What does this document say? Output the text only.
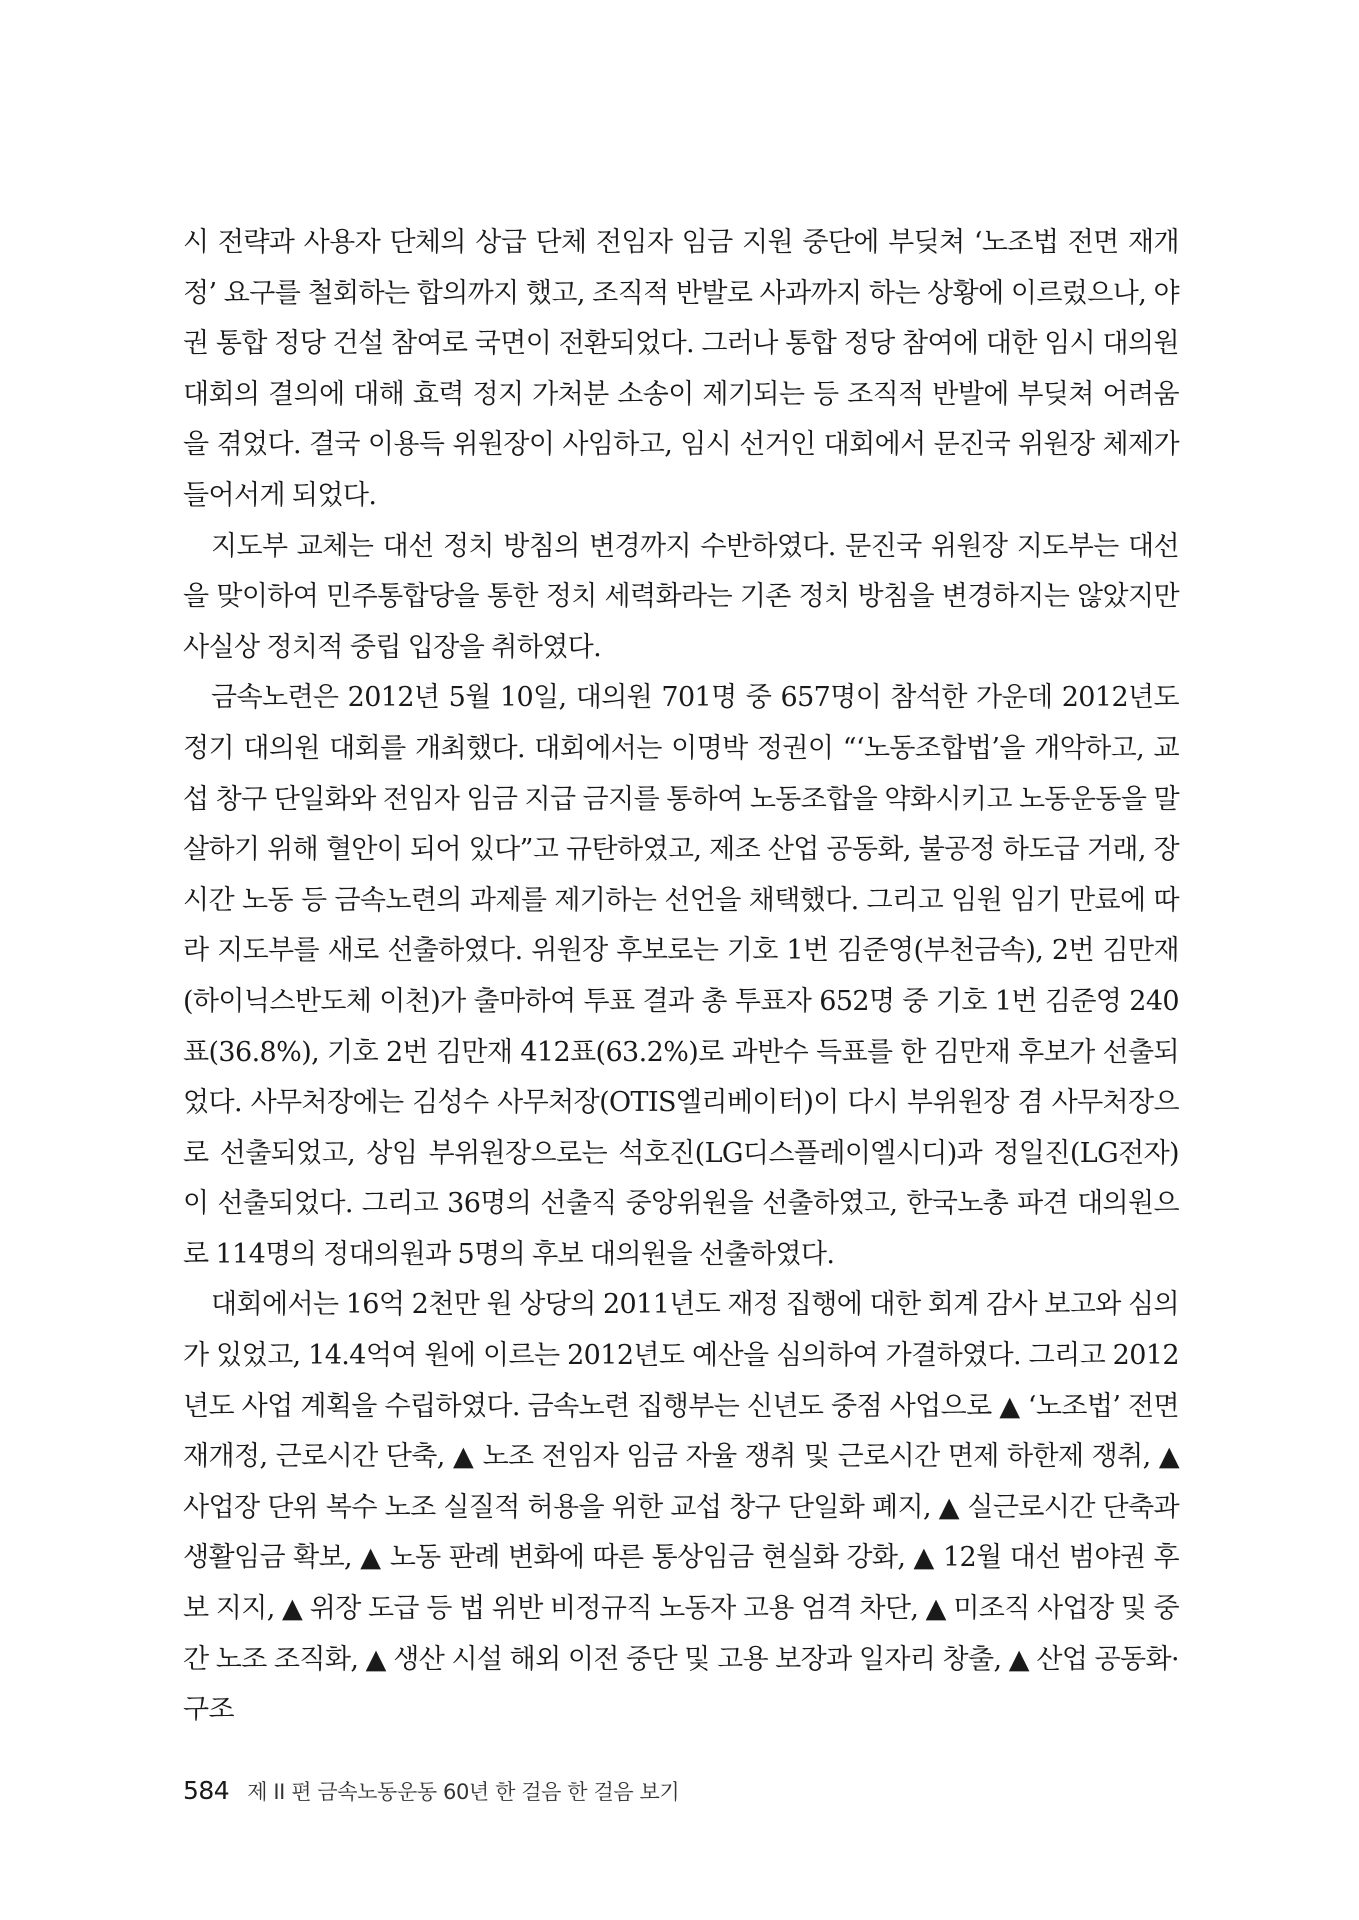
시 전략과 사용자 단체의 상급 단체 전임자 임금 지원 중단에 부딪쳐 ‘노조법 전면 재개정’ 요구를 철회하는 합의까지 했고, 조직적 반발로 사과까지 하는 상황에 이르렀으나, 야권 통합 정당 건설 참여로 국면이 전환되었다. 그러나 통합 정당 참여에 대한 임시 대의원 대회의 결의에 대해 효력 정지 가처분 소송이 제기되는 등 조직적 반발에 부딪쳐 어려움을 겪었다. 결국 이용득 위원장이 사임하고, 임시 선거인 대회에서 문진국 위원장 체제가 들어서게 되었다.

지도부 교체는 대선 정치 방침의 변경까지 수반하였다. 문진국 위원장 지도부는 대선을 맞이하여 민주통합당을 통한 정치 세력화라는 기존 정치 방침을 변경하지는 않았지만 사실상 정치적 중립 입장을 취하였다.

금속노련은 2012년 5월 10일, 대의원 701명 중 657명이 참석한 가운데 2012년도 정기 대의원 대회를 개최했다. 대회에서는 이명박 정권이 “‘노동조합법’을 개악하고, 교섭 창구 단일화와 전임자 임금 지급 금지를 통하여 노동조합을 약화시키고 노동운동을 말살하기 위해 혈안이 되어 있다”고 규탄하였고, 제조 산업 공동화, 불공정 하도급 거래, 장시간 노동 등 금속노련의 과제를 제기하는 선언을 채택했다. 그리고 임원 임기 만료에 따라 지도부를 새로 선출하였다. 위원장 후보로는 기호 1번 김준영(부천금속), 2번 김만재(하이닉스반도체 이천)가 출마하여 투표 결과 총 투표자 652명 중 기호 1번 김준영 240표(36.8%), 기호 2번 김만재 412표(63.2%)로 과반수 득표를 한 김만재 후보가 선출되었다. 사무처장에는 김성수 사무처장(OTIS엘리베이터)이 다시 부위원장 겸 사무처장으로 선출되었고, 상임 부위원장으로는 석호진(LG디스플레이엘시디)과 정일진(LG전자)이 선출되었다. 그리고 36명의 선출직 중앙위원을 선출하였고, 한국노총 파견 대의원으로 114명의 정대의원과 5명의 후보 대의원을 선출하였다.

대회에서는 16억 2천만 원 상당의 2011년도 재정 집행에 대한 회계 감사 보고와 심의가 있었고, 14.4억여 원에 이르는 2012년도 예산을 심의하여 가결하였다. 그리고 2012년도 사업 계획을 수립하였다. 금속노련 집행부는 신년도 중점 사업으로 ▲ ‘노조법’ 전면 재개정, 근로시간 단축, ▲ 노조 전임자 임금 자율 쟁취 및 근로시간 면제 하한제 쟁취, ▲ 사업장 단위 복수 노조 실질적 허용을 위한 교섭 창구 단일화 폐지, ▲ 실근로시간 단축과 생활임금 확보, ▲ 노동 판례 변화에 따른 통상임금 현실화 강화, ▲ 12월 대선 범야권 후보 지지, ▲ 위장 도급 등 법 위반 비정규직 노동자 고용 엄격 차단, ▲ 미조직 사업장 및 중간 노조 조직화, ▲ 생산 시설 해외 이전 중단 및 고용 보장과 일자리 창출, ▲ 산업 공동화·구조

584 제 II 편 금속노동운동 60년 한 걸음 한 걸음 보기
